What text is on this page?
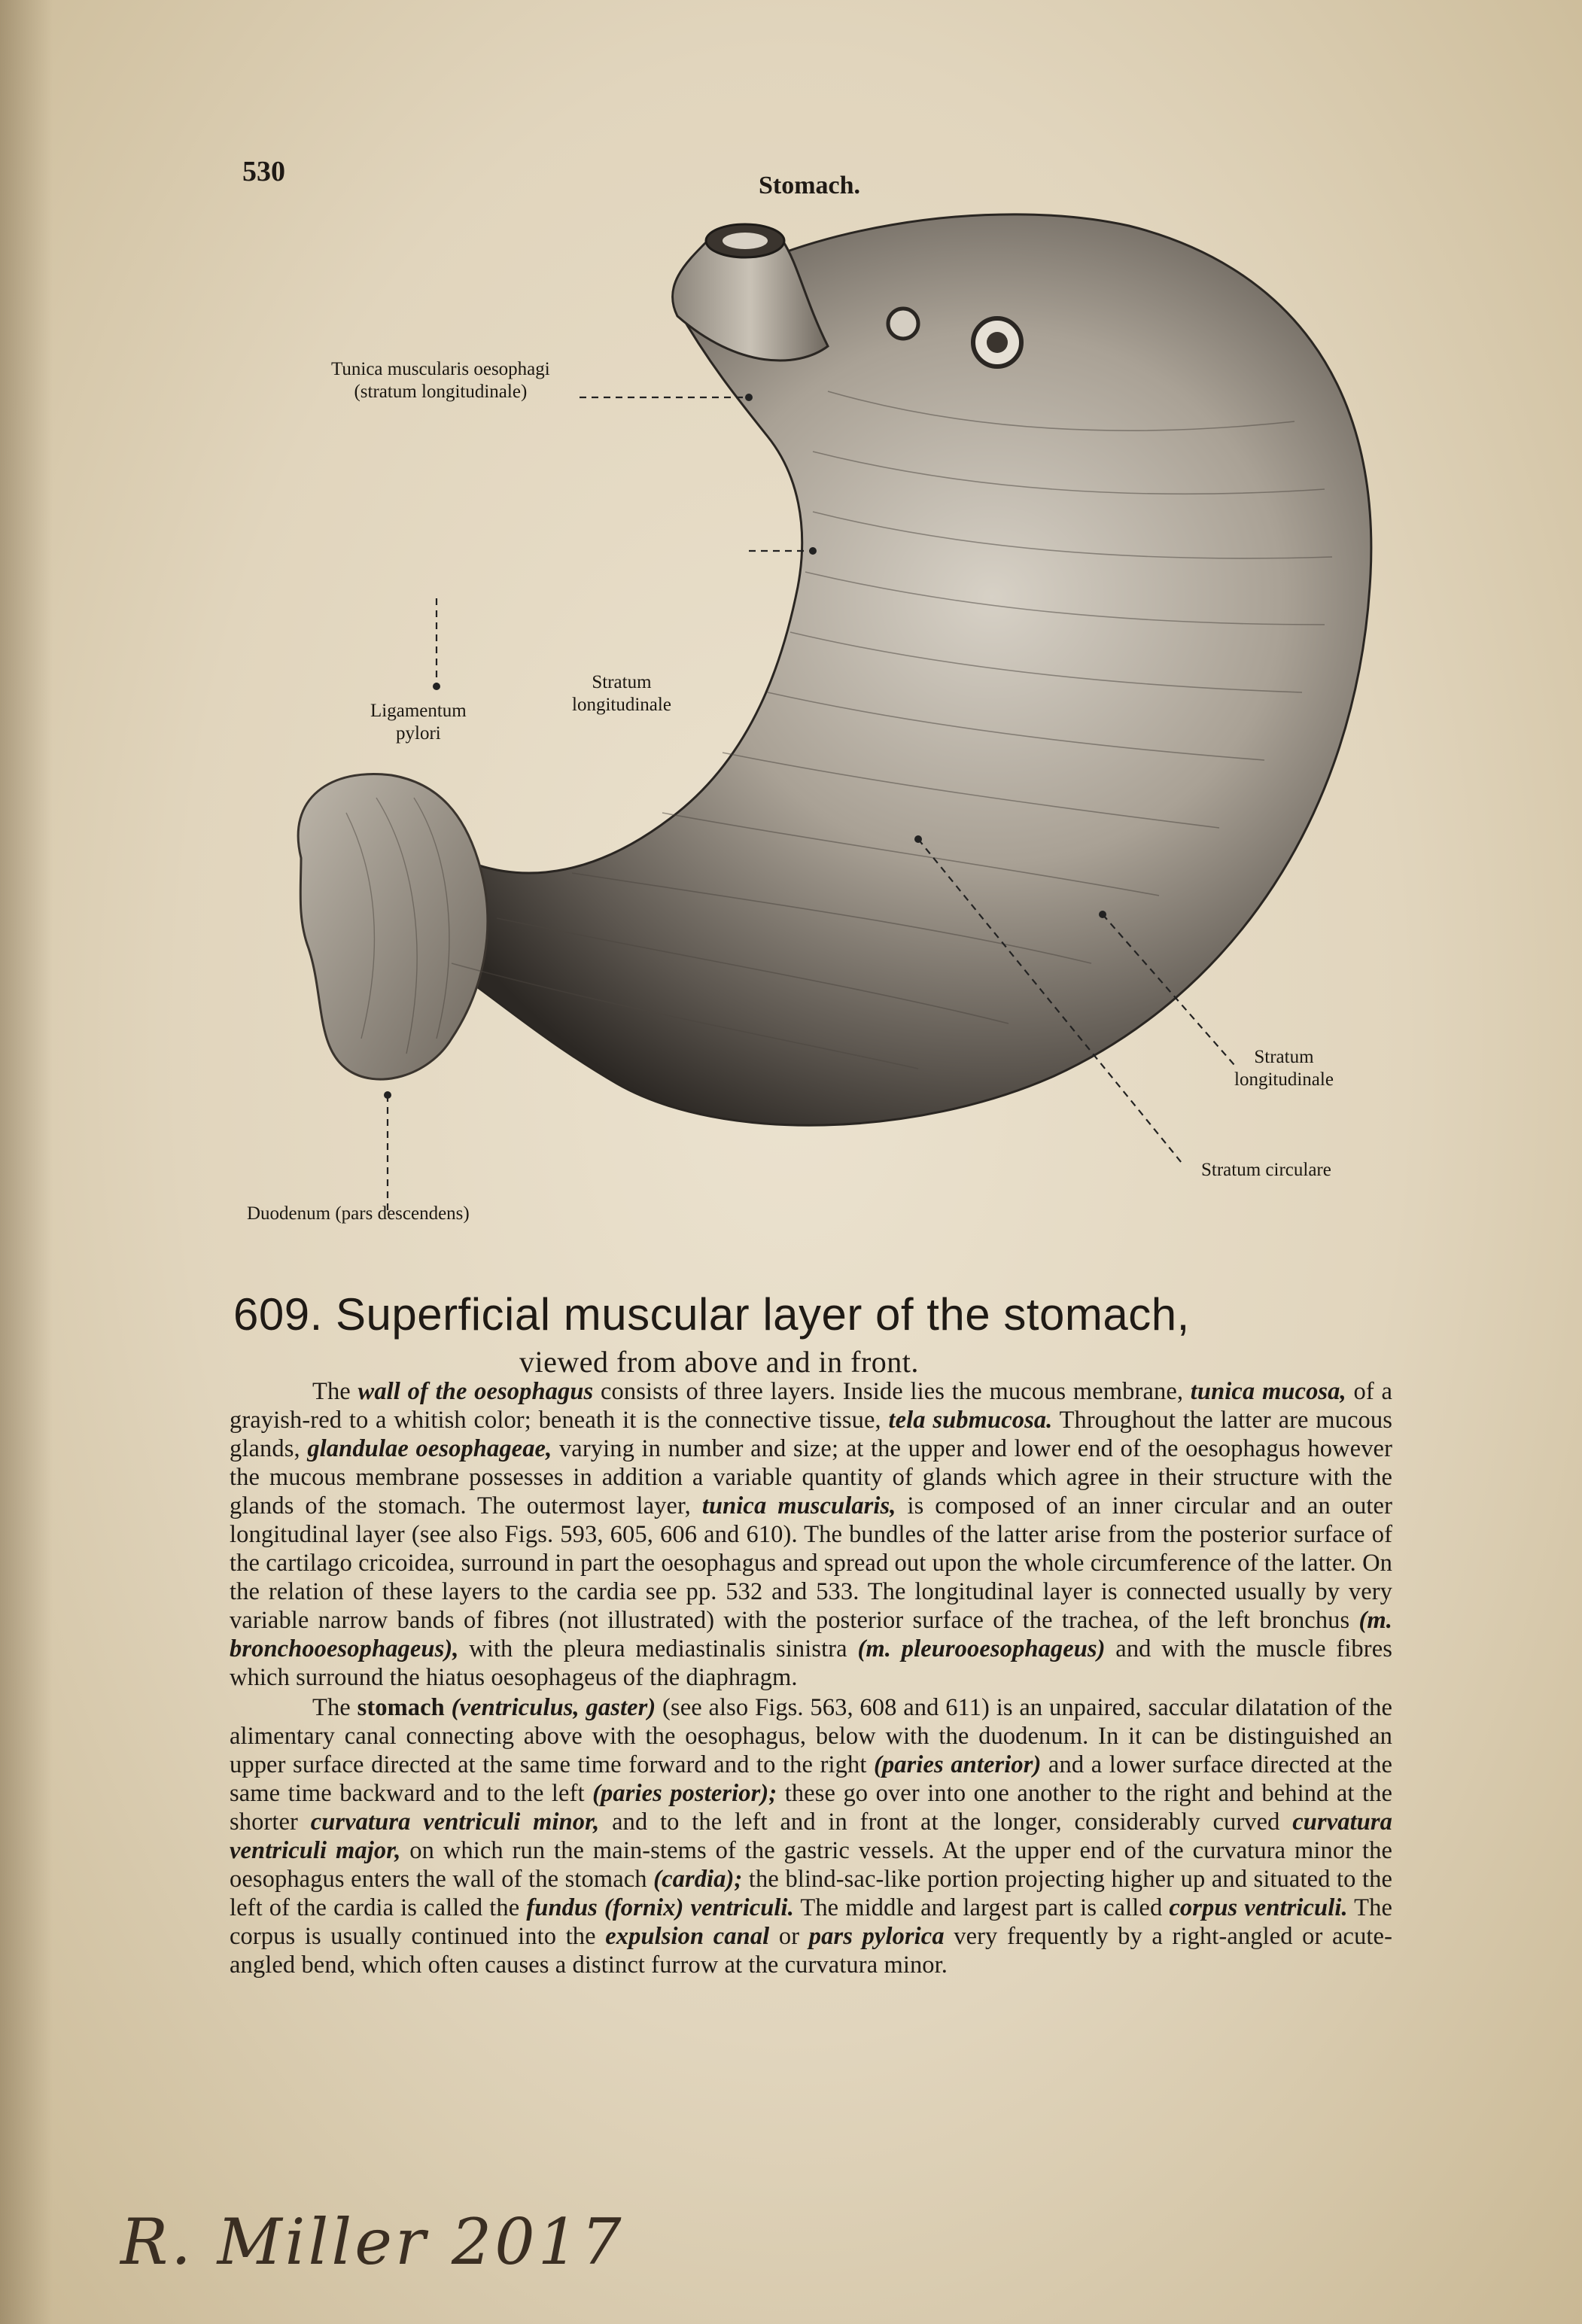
530	Stomach.
Tunica muscularis oesophagi
(stratum longitudinale)
Stratum
longitudinale
Ligamentum
pylori
Stratum
longitudinale
Stratum circulare
Duodenum (pars descendens)
609. Superficial muscular layer of the stomach,
viewed from above and in front.

The wall of the oesophagus consists of three layers. Inside lies the mucous membrane, tunica mucosa, of a grayish-red to a whitish color; beneath it is the connective tissue, tela submucosa. Throughout the latter are mucous glands, glandulae oesophageae, varying in number and size; at the upper and lower end of the oesophagus however the mucous membrane possesses in addition a variable quantity of glands which agree in their structure with the glands of the stomach. The outermost layer, tunica muscularis, is composed of an inner circular and an outer longitudinal layer (see also Figs. 593, 605, 606 and 610). The bundles of the latter arise from the posterior surface of the cartilago cricoidea, surround in part the oesophagus and spread out upon the whole circumference of the latter. On the relation of these layers to the cardia see pp. 532 and 533. The longitudinal layer is connected usually by very variable narrow bands of fibres (not illustrated) with the posterior surface of the trachea, of the left bronchus (m. bronchooesophageus), with the pleura mediastinalis sinistra (m. pleurooesophageus) and with the muscle fibres which surround the hiatus oesophageus of the diaphragm.

The stomach (ventriculus, gaster) (see also Figs. 563, 608 and 611) is an unpaired, saccular dilatation of the alimentary canal connecting above with the oesophagus, below with the duodenum. In it can be distinguished an upper surface directed at the same time forward and to the right (paries anterior) and a lower surface directed at the same time backward and to the left (paries posterior); these go over into one another to the right and behind at the shorter curvatura ventriculi minor, and to the left and in front at the longer, considerably curved curvatura ventriculi major, on which run the main-stems of the gastric vessels. At the upper end of the curvatura minor the oesophagus enters the wall of the stomach (cardia); the blind-sac-like portion projecting higher up and situated to the left of the cardia is called the fundus (fornix) ventriculi. The middle and largest part is called corpus ventriculi. The corpus is usually continued into the expulsion canal or pars pylorica very frequently by a right-angled or acute-angled bend, which often causes a distinct furrow at the curvatura minor.

R. Miller 2017
